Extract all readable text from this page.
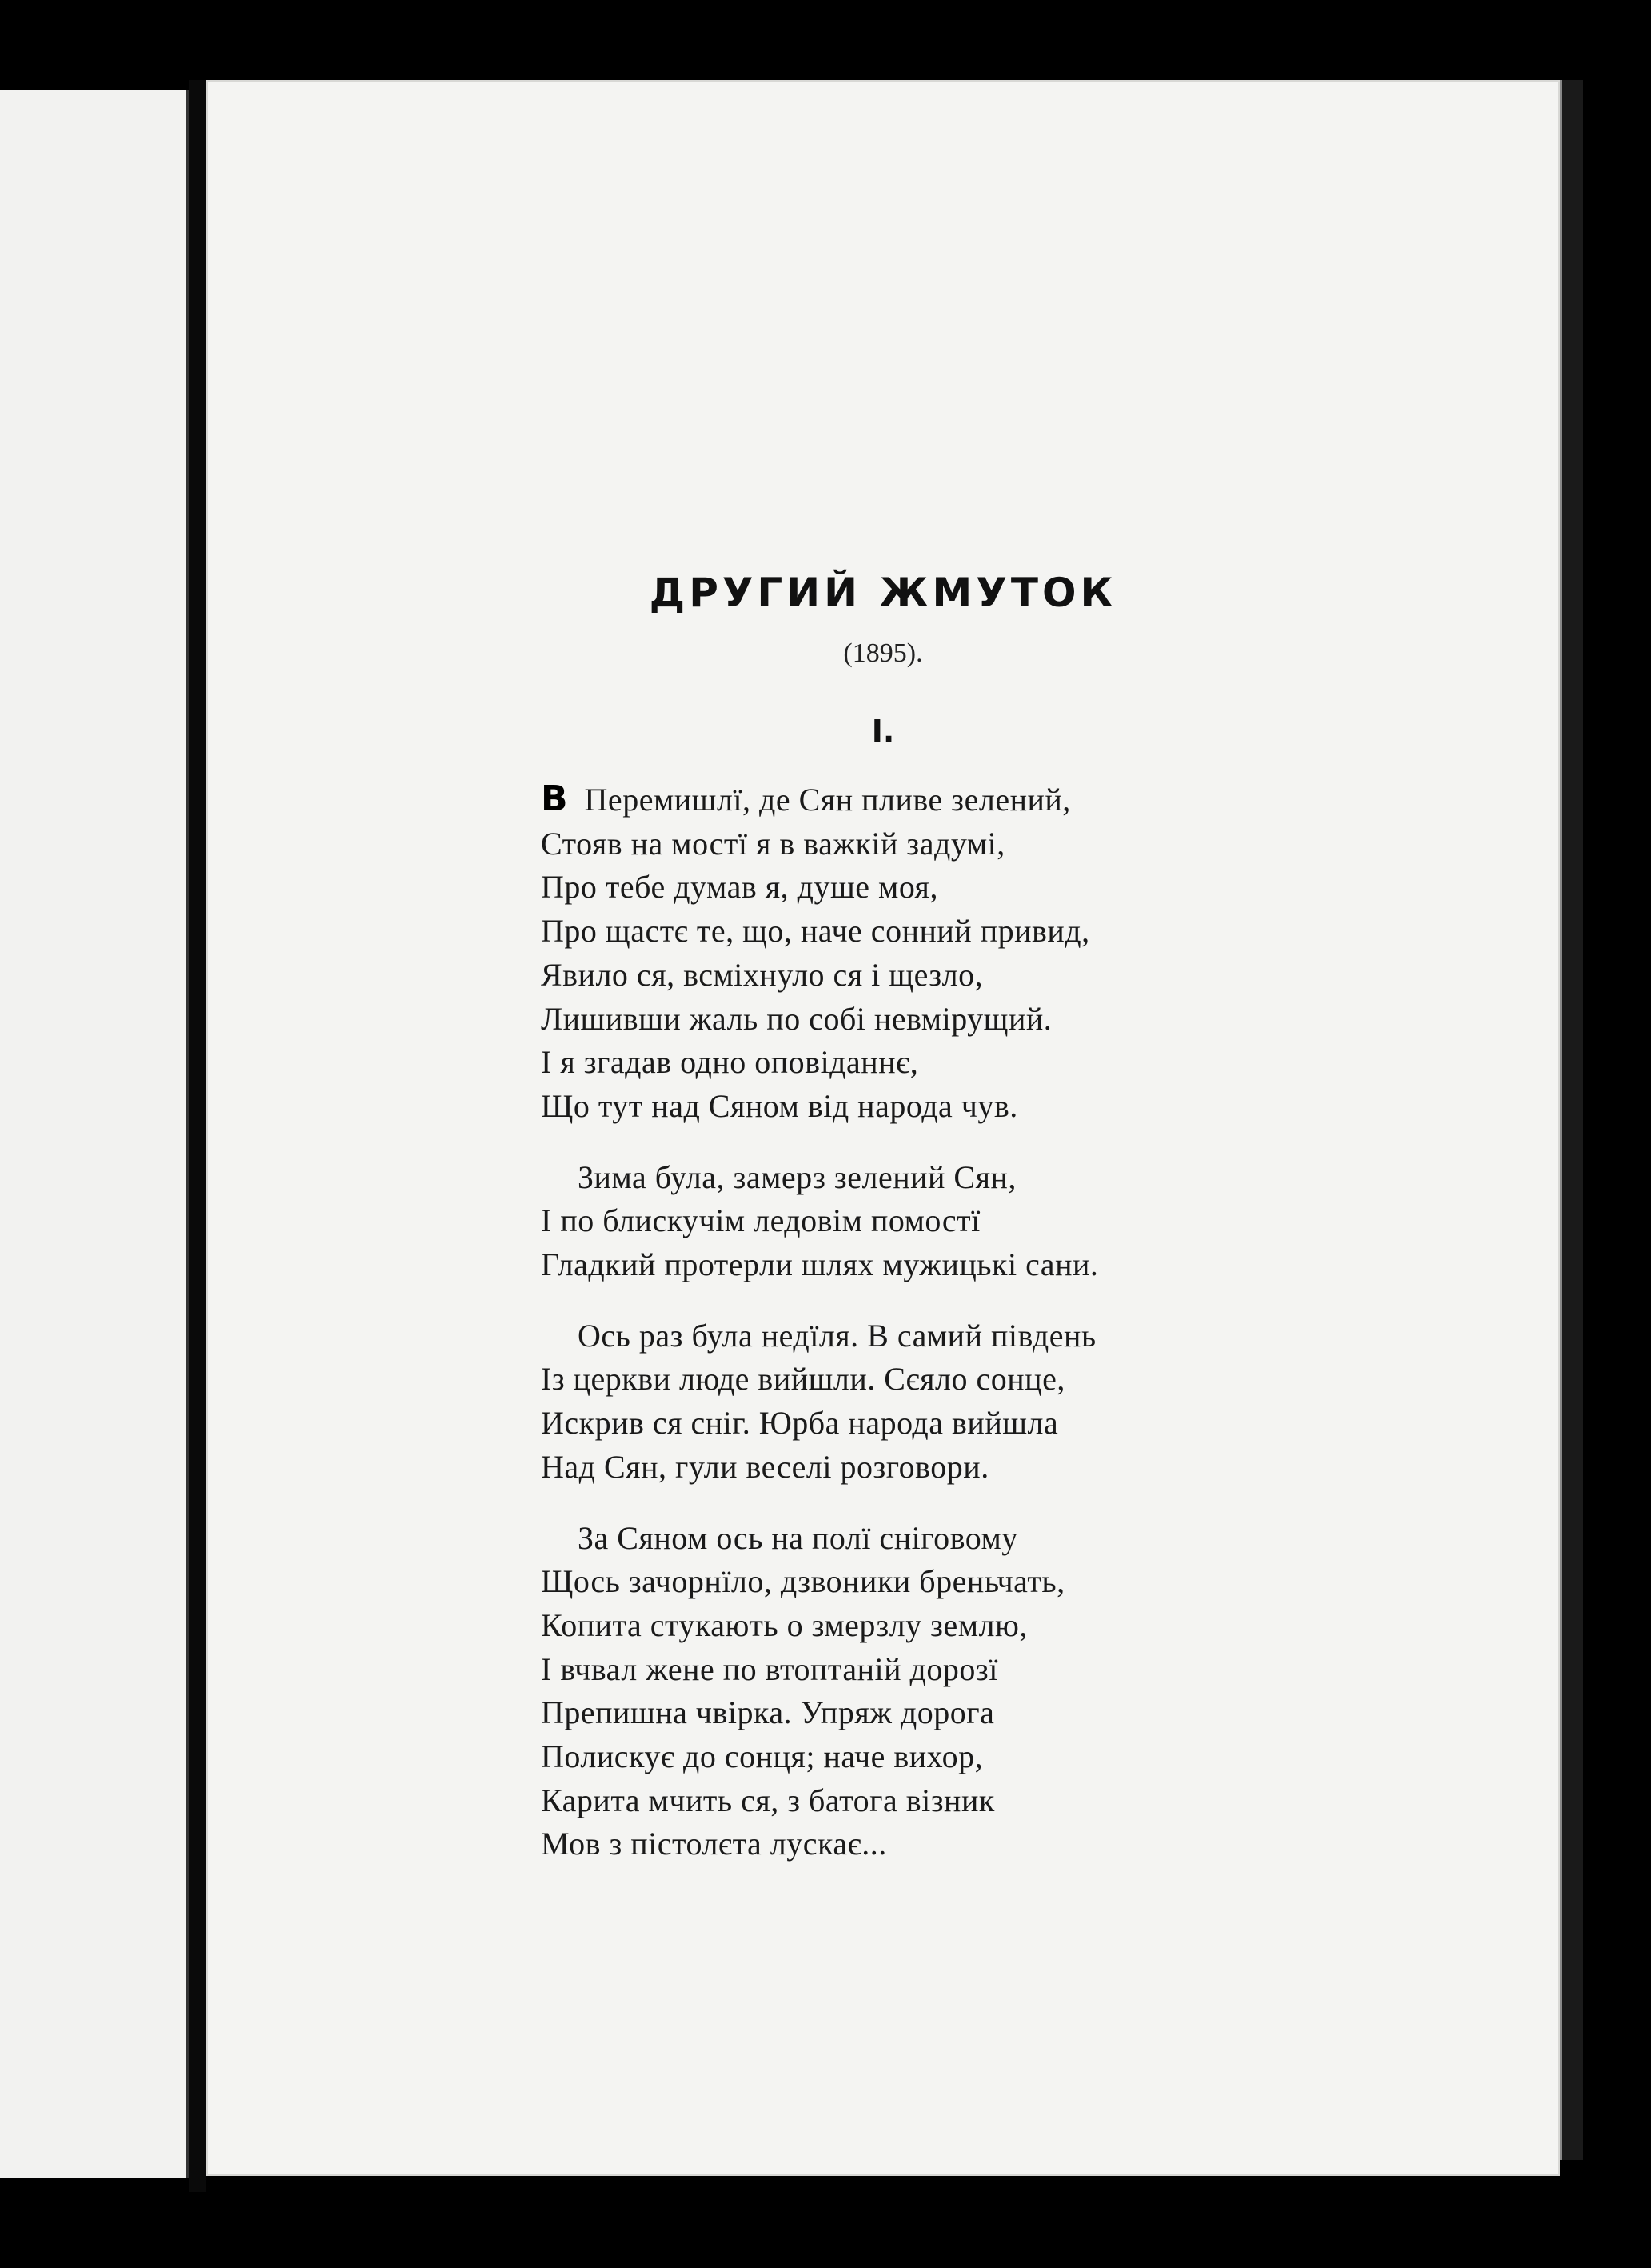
ДРУГИЙ ЖМУТОК
(1895).
I.
В Перемишлї, де Сян пливе зелений,
Стояв на мостї я в важкій задумі,
Про тебе думав я, душе моя,
Про щастє те, що, наче сонний привид,
Явило ся, всміхнуло ся і щезло,
Лишивши жаль по собі невмірущий.
І я згадав одно оповіданнє,
Що тут над Сяном від народа чув.
Зима була, замерз зелений Сян,
І по блискучім ледовім помостї
Гладкий протерли шлях мужицькі сани.
Ось раз була недїля. В самий південь
Із церкви люде вийшли. Сєяло сонце,
Искрив ся сніг. Юрба народа вийшла
Над Сян, гули веселі розговори.
За Сяном ось на полї сніговому
Щось зачорнїло, дзвоники бреньчать,
Копита стукають о змерзлу землю,
І вчвал жене по втоптаній дорозї
Препишна чвірка. Упряж дорога
Полискує до сонця; наче вихор,
Карита мчить ся, з батога візник
Мов з пістолєта лускає...
